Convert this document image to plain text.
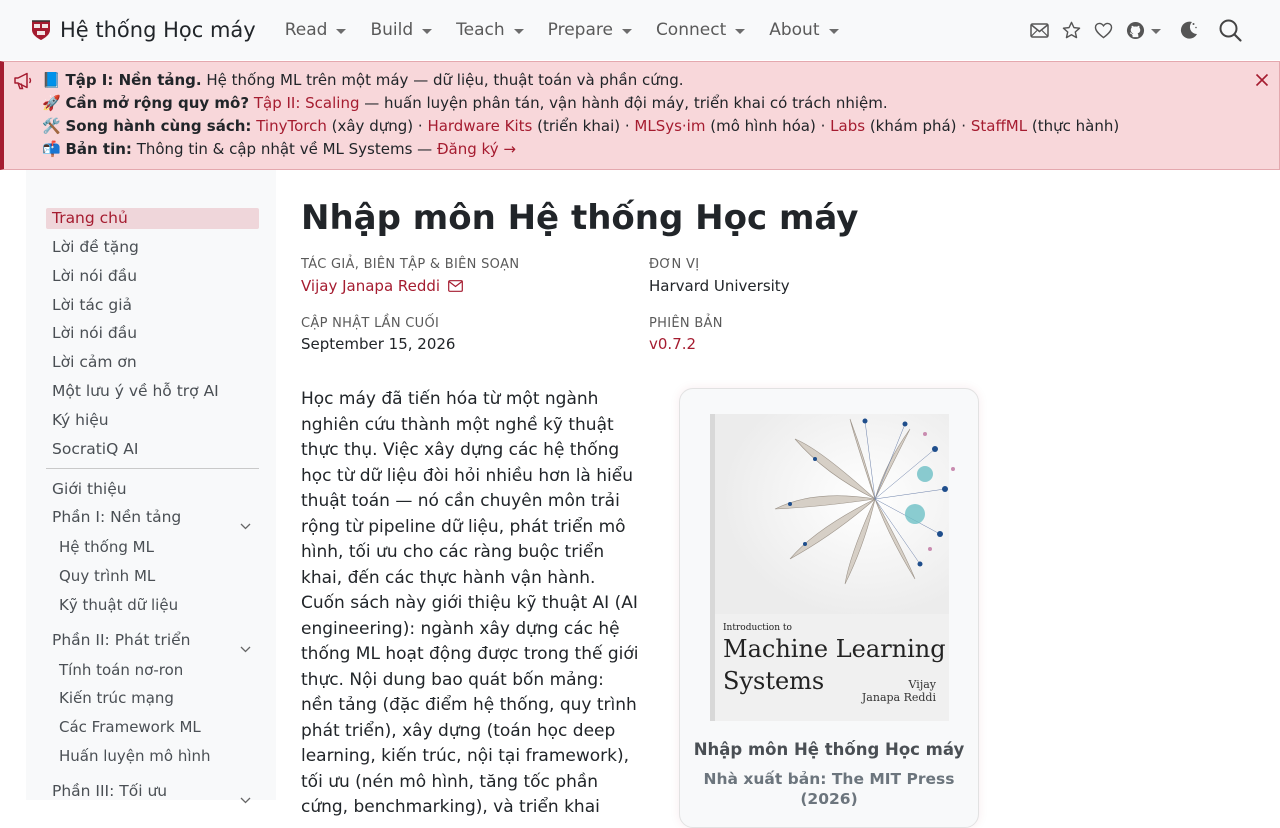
Hệ thống Học máy Read	Build	Teach	Prepare	Connect	About
📘 Tập I: Nền tảng. Hệ thống ML trên một máy — dữ liệu, thuật toán và phần cứng.
🚀 Cần mở rộng quy mô? Tập II: Scaling — huấn luyện phân tán, vận hành đội máy, triển khai có trách nhiệm.
🛠️ Song hành cùng sách: TinyTorch (xây dựng) · Hardware Kits (triển khai) · MLSys·im (mô hình hóa) · Labs (khám phá) · StaffML (thực hành)
📬 Bản tin: Thông tin & cập nhật về ML Systems — Đăng ký →
Trang chủ
Lời đề tặng
Lời nói đầu
Lời tác giả
Lời nói đầu
Lời cảm ơn
Một lưu ý về hỗ trợ AI
Ký hiệu
SocratiQ AI
Giới thiệu
Phần I: Nền tảng
Hệ thống ML
Quy trình ML
Kỹ thuật dữ liệu
Phần II: Phát triển
Tính toán nơ-ron
Kiến trúc mạng
Các Framework ML
Huấn luyện mô hình
Phần III: Tối ưu
Nhập môn Hệ thống Học máy
TÁC GIẢ, BIÊN TẬP & BIÊN SOẠN
Vijay Janapa Reddi
ĐƠN VỊ
Harvard University
CẬP NHẬT LẦN CUỐI
September 15, 2026
PHIÊN BẢN
v0.7.2

Học máy đã tiến hóa từ một ngành nghiên cứu thành một nghề kỹ thuật thực thụ. Việc xây dựng các hệ thống học từ dữ liệu đòi hỏi nhiều hơn là hiểu thuật toán — nó cần chuyên môn trải rộng từ pipeline dữ liệu, phát triển mô hình, tối ưu cho các ràng buộc triển khai, đến các thực hành vận hành. Cuốn sách này giới thiệu kỹ thuật AI (AI engineering): ngành xây dựng các hệ thống ML hoạt động được trong thế giới thực. Nội dung bao quát bốn mảng: nền tảng (đặc điểm hệ thống, quy trình phát triển), xây dựng (toán học deep learning, kiến trúc, nội tại framework), tối ưu (nén mô hình, tăng tốc phần cứng, benchmarking), và triển khai

Introduction to
Machine Learning
Systems	Vijay
Janapa Reddi
Nhập môn Hệ thống Học máy
Nhà xuất bản: The MIT Press
(2026)
